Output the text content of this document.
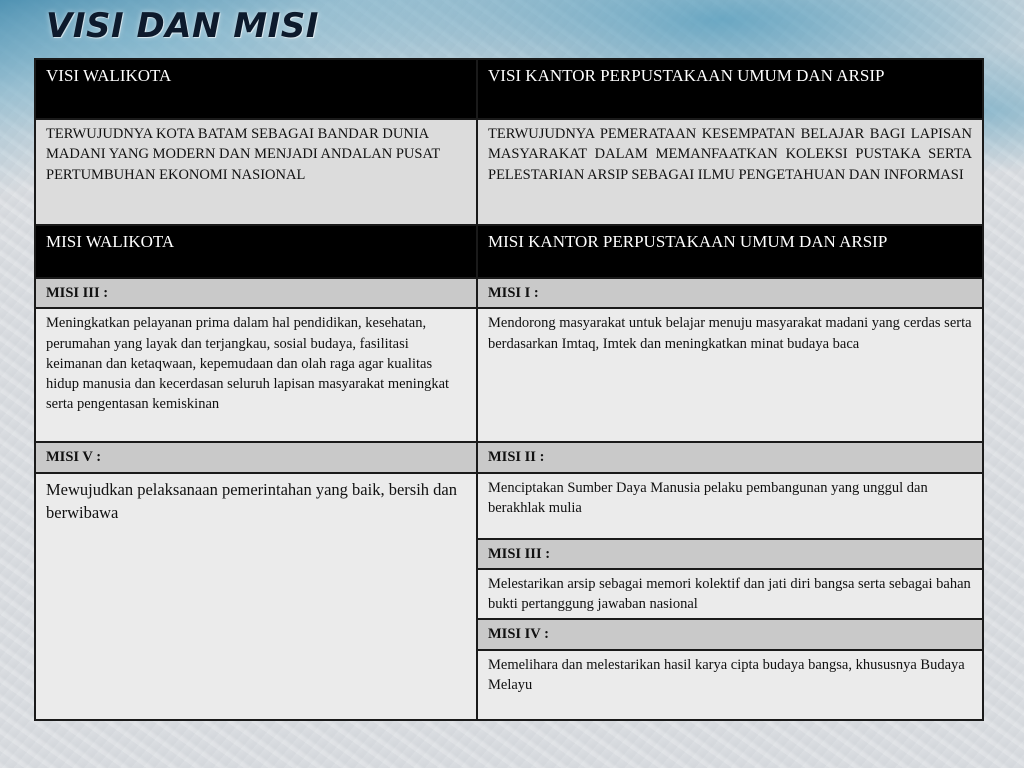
VISI DAN MISI
VISI WALIKOTA	VISI KANTOR PERPUSTAKAAN UMUM DAN ARSIP
TERWUJUDNYA KOTA BATAM SEBAGAI BANDAR DUNIA MADANI YANG MODERN DAN MENJADI ANDALAN PUSAT PERTUMBUHAN EKONOMI NASIONAL	TERWUJUDNYA PEMERATAAN KESEMPATAN BELAJAR BAGI LAPISAN MASYARAKAT DALAM MEMANFAATKAN KOLEKSI PUSTAKA SERTA PELESTARIAN ARSIP SEBAGAI ILMU PENGETAHUAN DAN INFORMASI
MISI WALIKOTA	MISI KANTOR PERPUSTAKAAN UMUM DAN ARSIP
MISI III :	MISI I :
Meningkatkan pelayanan prima dalam hal pendidikan, kesehatan, perumahan yang layak dan terjangkau, sosial budaya, fasilitasi keimanan dan ketaqwaan, kepemudaan dan olah raga agar kualitas hidup manusia dan kecerdasan seluruh lapisan masyarakat meningkat serta pengentasan kemiskinan	Mendorong masyarakat untuk belajar menuju masyarakat madani yang cerdas serta berdasarkan Imtaq, Imtek dan meningkatkan minat budaya baca
MISI V :	MISI II :
Mewujudkan pelaksanaan pemerintahan yang baik, bersih dan berwibawa	Menciptakan Sumber Daya Manusia pelaku pembangunan yang unggul dan berakhlak mulia
	MISI III :
	Melestarikan arsip sebagai memori kolektif dan jati diri bangsa serta sebagai bahan bukti pertanggung jawaban nasional
	MISI IV :
	Memelihara dan melestarikan hasil karya cipta budaya bangsa, khususnya Budaya Melayu
